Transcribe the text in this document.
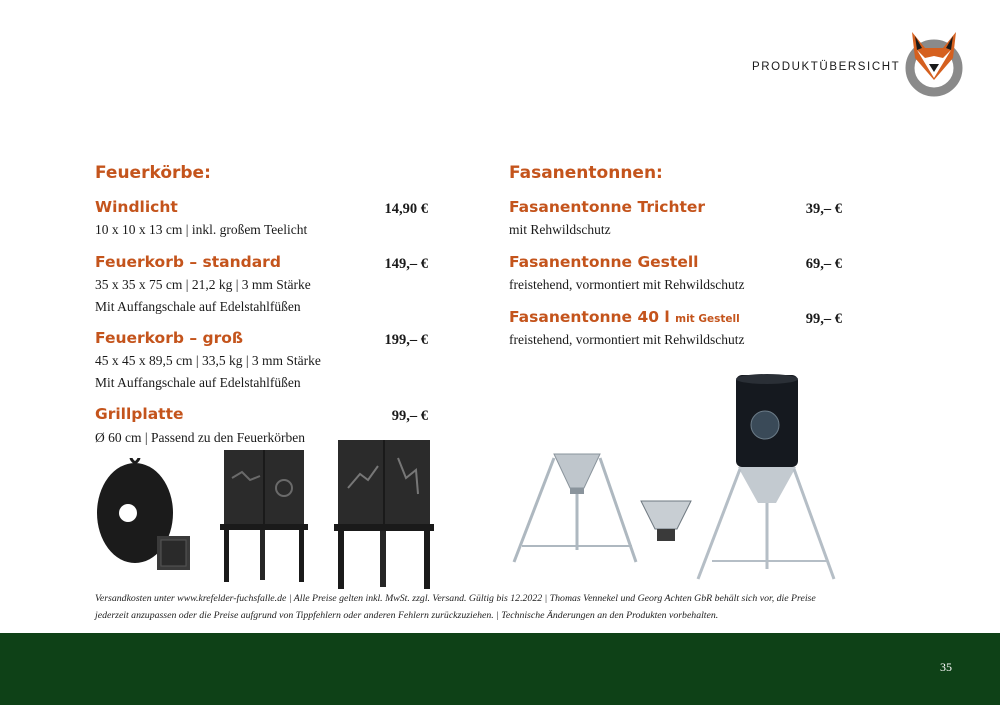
PRODUKTÜBERSICHT
Feuerkörbe:
Windlicht	14,90 €
10 x 10 x 13 cm | inkl. großem Teelicht
Feuerkorb – standard	149,– €
35 x 35 x 75 cm | 21,2 kg | 3 mm Stärke
Mit Auffangschale auf Edelstahlfüßen
Feuerkorb – groß	199,– €
45 x 45 x 89,5 cm | 33,5 kg | 3 mm Stärke
Mit Auffangschale auf Edelstahlfüßen
Grillplatte	99,– €
Ø 60 cm | Passend zu den Feuerkörben
Fasanentonnen:
Fasanentonne Trichter	39,– €
mit Rehwildschutz
Fasanentonne Gestell	69,– €
freistehend, vormontiert mit Rehwildschutz
Fasanentonne 40 l mit Gestell	99,– €
freistehend, vormontiert mit Rehwildschutz
Versandkosten unter www.krefelder-fuchsfalle.de | Alle Preise gelten inkl. MwSt. zzgl. Versand. Gültig bis 12.2022 | Thomas Vennekel und Georg Achten GbR behält sich vor, die Preise
jederzeit anzupassen oder die Preise aufgrund von Tippfehlern oder anderen Fehlern zurückzuziehen. | Technische Änderungen an den Produkten vorbehalten.
35
